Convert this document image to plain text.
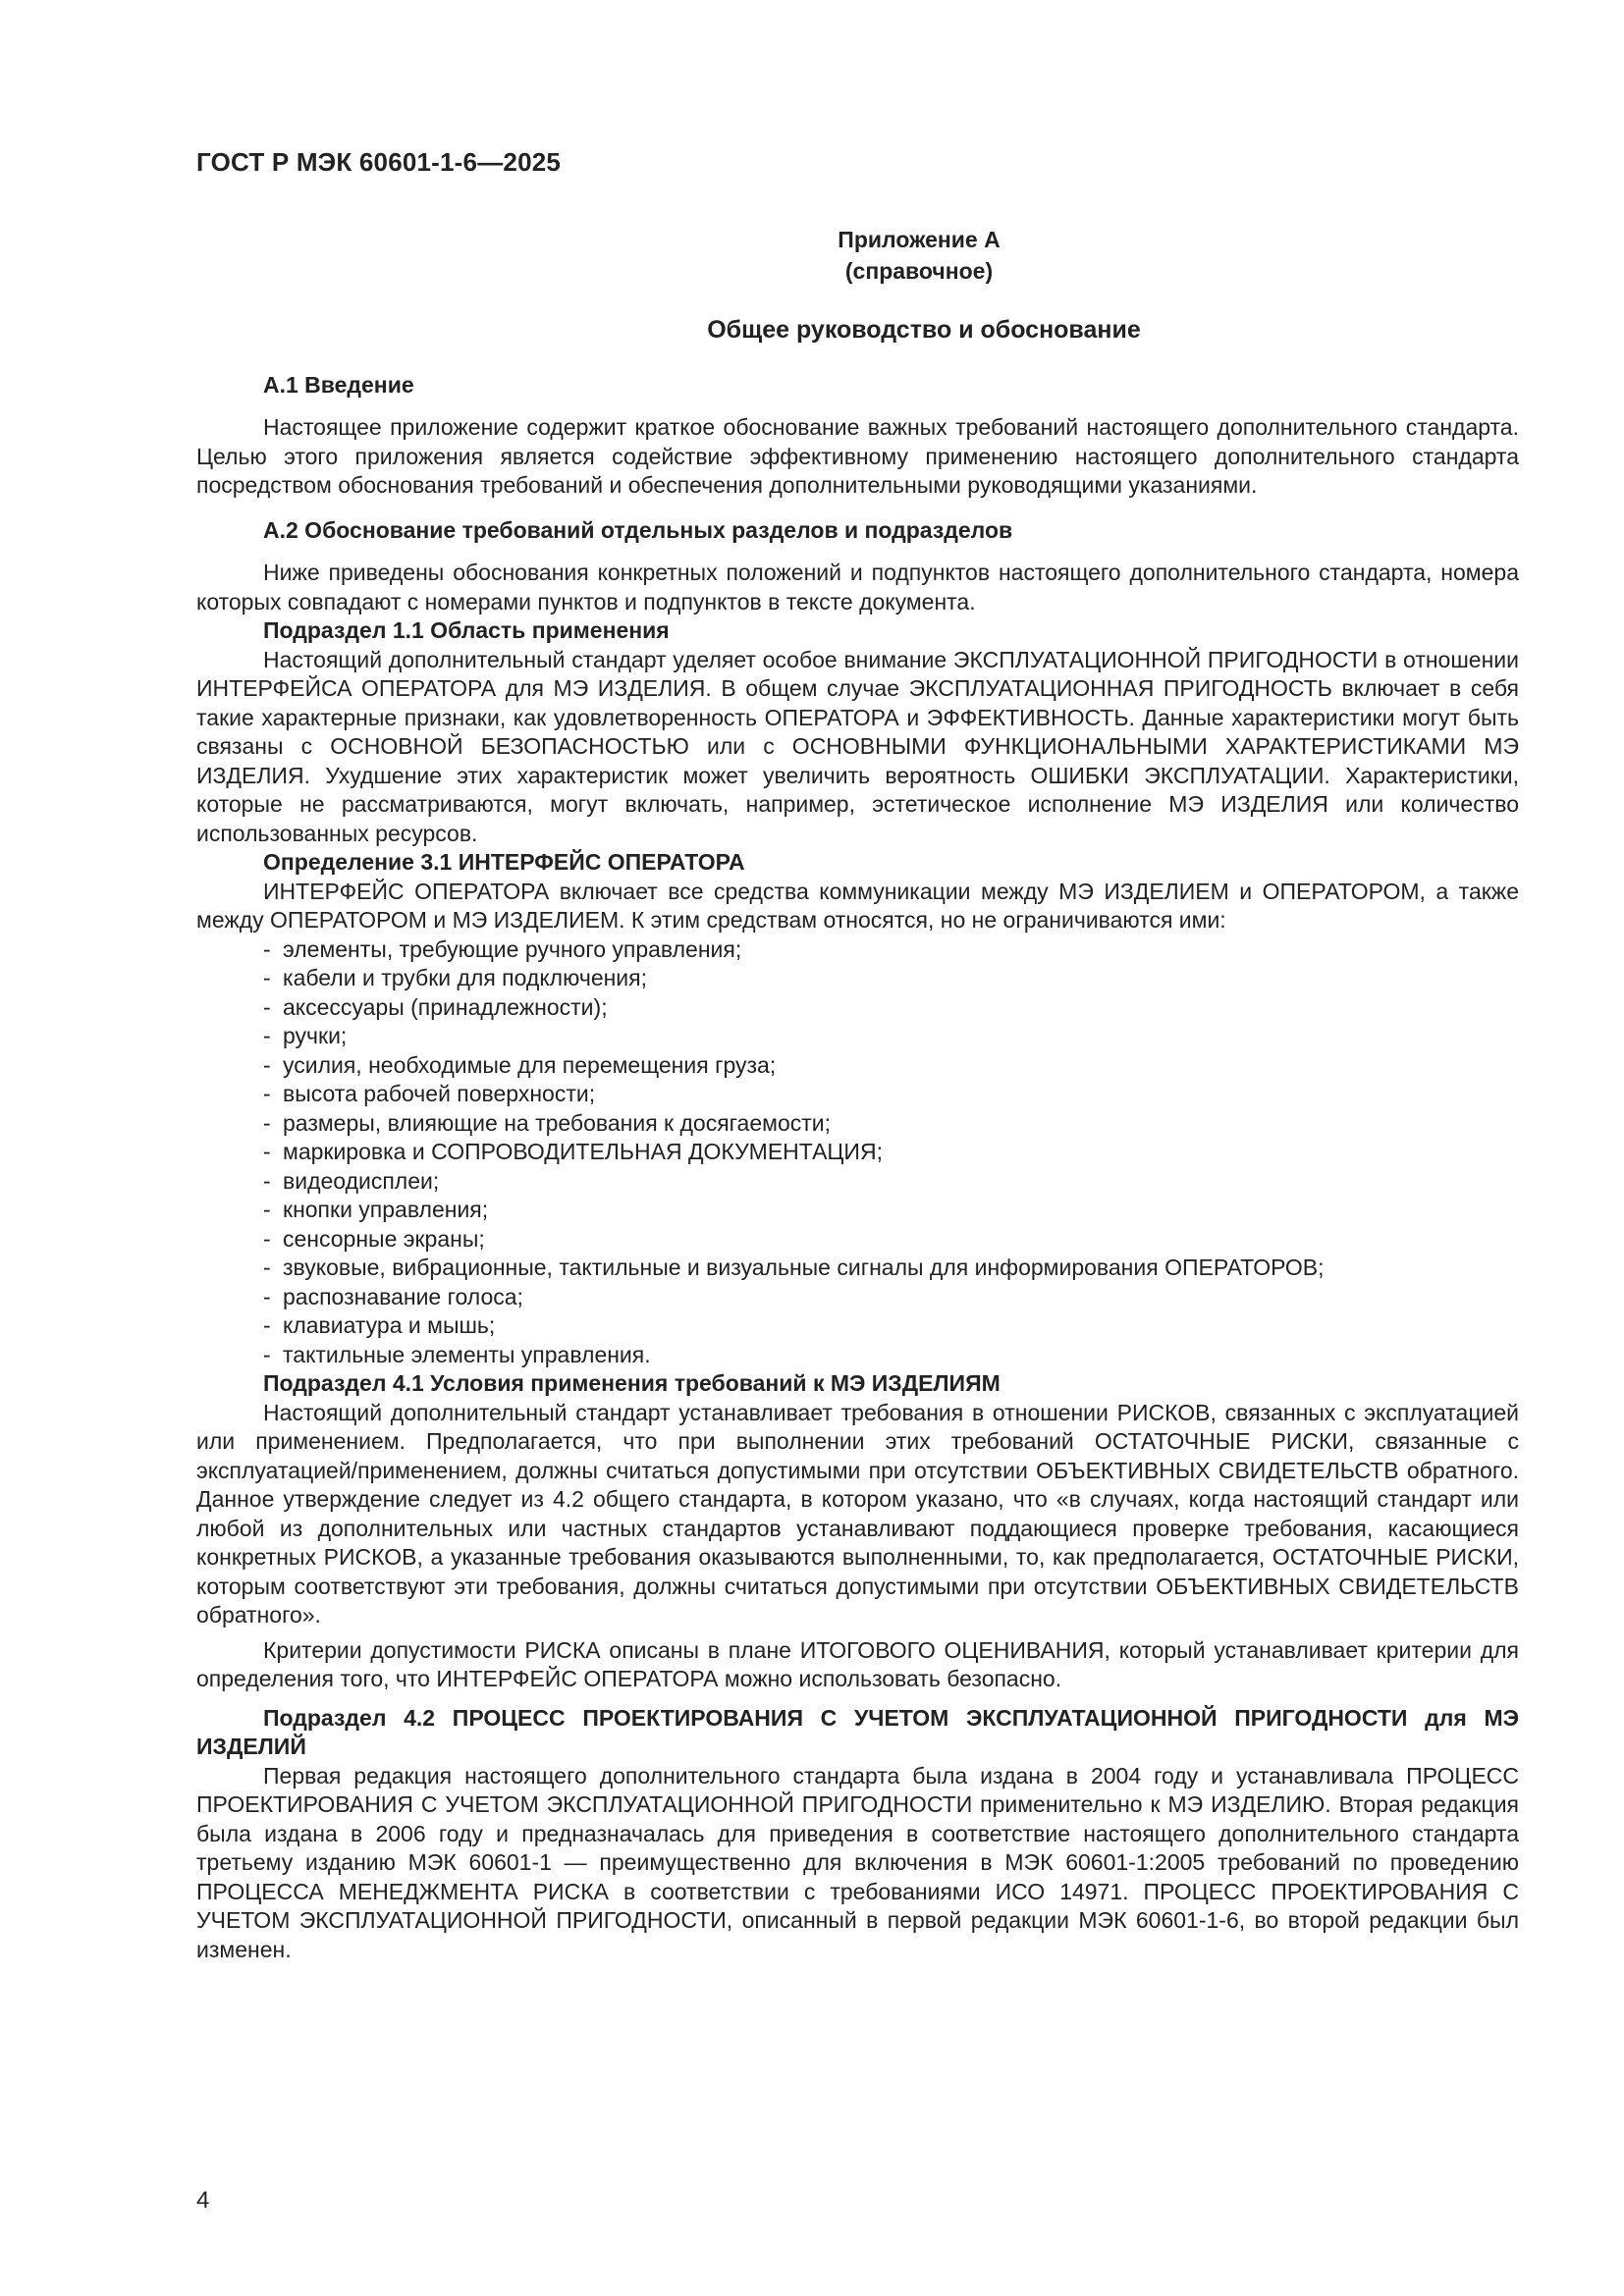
ГОСТ Р МЭК 60601-1-6—2025
Приложение А
(справочное)
Общее руководство и обоснование
А.1 Введение

Настоящее приложение содержит краткое обоснование важных требований настоящего дополнительного стандарта. Целью этого приложения является содействие эффективному применению настоящего дополнительного стандарта посредством обоснования требований и обеспечения дополнительными руководящими указаниями.

А.2 Обоснование требований отдельных разделов и подразделов

Ниже приведены обоснования конкретных положений и подпунктов настоящего дополнительного стандарта, номера которых совпадают с номерами пунктов и подпунктов в тексте документа.

Подраздел 1.1 Область применения

Настоящий дополнительный стандарт уделяет особое внимание ЭКСПЛУАТАЦИОННОЙ ПРИГОДНОСТИ в отношении ИНТЕРФЕЙСА ОПЕРАТОРА для МЭ ИЗДЕЛИЯ. В общем случае ЭКСПЛУАТАЦИОННАЯ ПРИГОДНОСТЬ включает в себя такие характерные признаки, как удовлетворенность ОПЕРАТОРА и ЭФФЕКТИВНОСТЬ. Данные характеристики могут быть связаны с ОСНОВНОЙ БЕЗОПАСНОСТЬЮ или с ОСНОВНЫМИ ФУНКЦИОНАЛЬНЫМИ ХАРАКТЕРИСТИКАМИ МЭ ИЗДЕЛИЯ. Ухудшение этих характеристик может увеличить вероятность ОШИБКИ ЭКСПЛУАТАЦИИ. Характеристики, которые не рассматриваются, могут включать, например, эстетическое исполнение МЭ ИЗДЕЛИЯ или количество использованных ресурсов.

Определение 3.1 ИНТЕРФЕЙС ОПЕРАТОРА

ИНТЕРФЕЙС ОПЕРАТОРА включает все средства коммуникации между МЭ ИЗДЕЛИЕМ и ОПЕРАТОРОМ, а также между ОПЕРАТОРОМ и МЭ ИЗДЕЛИЕМ. К этим средствам относятся, но не ограничиваются ими:

- элементы, требующие ручного управления;
- кабели и трубки для подключения;
- аксессуары (принадлежности);
- ручки;
- усилия, необходимые для перемещения груза;
- высота рабочей поверхности;
- размеры, влияющие на требования к досягаемости;
- маркировка и СОПРОВОДИТЕЛЬНАЯ ДОКУМЕНТАЦИЯ;
- видеодисплеи;
- кнопки управления;
- сенсорные экраны;
- звуковые, вибрационные, тактильные и визуальные сигналы для информирования ОПЕРАТОРОВ;
- распознавание голоса;
- клавиатура и мышь;
- тактильные элементы управления.
Подраздел 4.1 Условия применения требований к МЭ ИЗДЕЛИЯМ

Настоящий дополнительный стандарт устанавливает требования в отношении РИСКОВ, связанных с эксплуатацией или применением. Предполагается, что при выполнении этих требований ОСТАТОЧНЫЕ РИСКИ, связанные с эксплуатацией/применением, должны считаться допустимыми при отсутствии ОБЪЕКТИВНЫХ СВИДЕТЕЛЬСТВ обратного. Данное утверждение следует из 4.2 общего стандарта, в котором указано, что «в случаях, когда настоящий стандарт или любой из дополнительных или частных стандартов устанавливают поддающиеся проверке требования, касающиеся конкретных РИСКОВ, а указанные требования оказываются выполненными, то, как предполагается, ОСТАТОЧНЫЕ РИСКИ, которым соответствуют эти требования, должны считаться допустимыми при отсутствии ОБЪЕКТИВНЫХ СВИДЕТЕЛЬСТВ обратного».

Критерии допустимости РИСКА описаны в плане ИТОГОВОГО ОЦЕНИВАНИЯ, который устанавливает критерии для определения того, что ИНТЕРФЕЙС ОПЕРАТОРА можно использовать безопасно.

Подраздел 4.2 ПРОЦЕСС ПРОЕКТИРОВАНИЯ С УЧЕТОМ ЭКСПЛУАТАЦИОННОЙ ПРИГОДНОСТИ для МЭ ИЗДЕЛИЙ

Первая редакция настоящего дополнительного стандарта была издана в 2004 году и устанавливала ПРОЦЕСС ПРОЕКТИРОВАНИЯ С УЧЕТОМ ЭКСПЛУАТАЦИОННОЙ ПРИГОДНОСТИ применительно к МЭ ИЗДЕЛИЮ. Вторая редакция была издана в 2006 году и предназначалась для приведения в соответствие настоящего дополнительного стандарта третьему изданию МЭК 60601-1 — преимущественно для включения в МЭК 60601-1:2005 требований по проведению ПРОЦЕССА МЕНЕДЖМЕНТА РИСКА в соответствии с требованиями ИСО 14971. ПРОЦЕСС ПРОЕКТИРОВАНИЯ С УЧЕТОМ ЭКСПЛУАТАЦИОННОЙ ПРИГОДНОСТИ, описанный в первой редакции МЭК 60601-1-6, во второй редакции был изменен.

4
